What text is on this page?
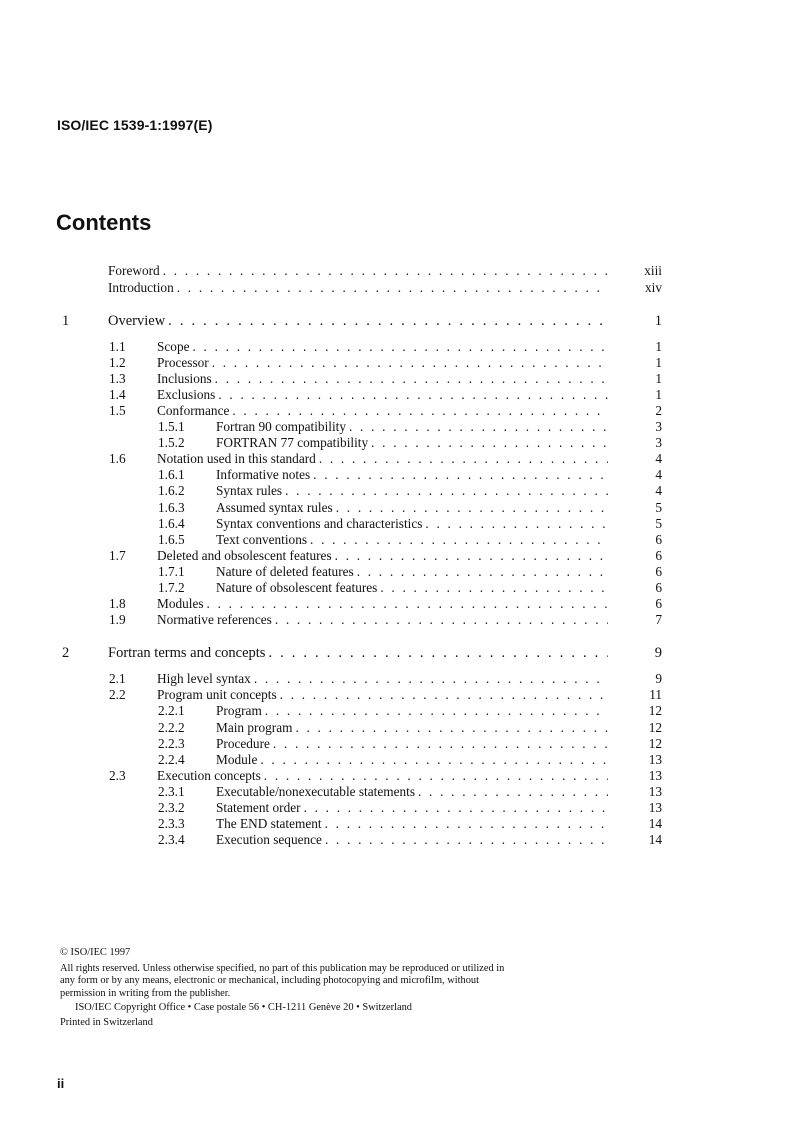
ISO/IEC 1539-1:1997(E)
Contents
Foreword . . .	xiii
Introduction . . .	xiv
1	Overview . . .	1
1.1 Scope . . .	1
1.2 Processor . . .	1
1.3 Inclusions . . .	1
1.4 Exclusions . . .	1
1.5 Conformance . . .	2
1.5.1 Fortran 90 compatibility . . .	3
1.5.2 FORTRAN 77 compatibility . . .	3
1.6 Notation used in this standard . . .	4
1.6.1 Informative notes . . .	4
1.6.2 Syntax rules . . .	4
1.6.3 Assumed syntax rules . . .	5
1.6.4 Syntax conventions and characteristics . . .	5
1.6.5 Text conventions . . .	6
1.7 Deleted and obsolescent features . . .	6
1.7.1 Nature of deleted features . . .	6
1.7.2 Nature of obsolescent features . . .	6
1.8 Modules . . .	6
1.9 Normative references . . .	7
2	Fortran terms and concepts . . .	9
2.1 High level syntax . . .	9
2.2 Program unit concepts . . .	11
2.2.1 Program . . .	12
2.2.2 Main program . . .	12
2.2.3 Procedure . . .	12
2.2.4 Module . . .	13
2.3 Execution concepts . . .	13
2.3.1 Executable/nonexecutable statements . . .	13
2.3.2 Statement order . . .	13
2.3.3 The END statement . . .	14
2.3.4 Execution sequence . . .	14

© ISO/IEC 1997

All rights reserved. Unless otherwise specified, no part of this publication may be reproduced or utilized in any form or by any means, electronic or mechanical, including photocopying and microfilm, without permission in writing from the publisher.

ISO/IEC Copyright Office • Case postale 56 • CH-1211 Genève 20 • Switzerland

Printed in Switzerland

ii
